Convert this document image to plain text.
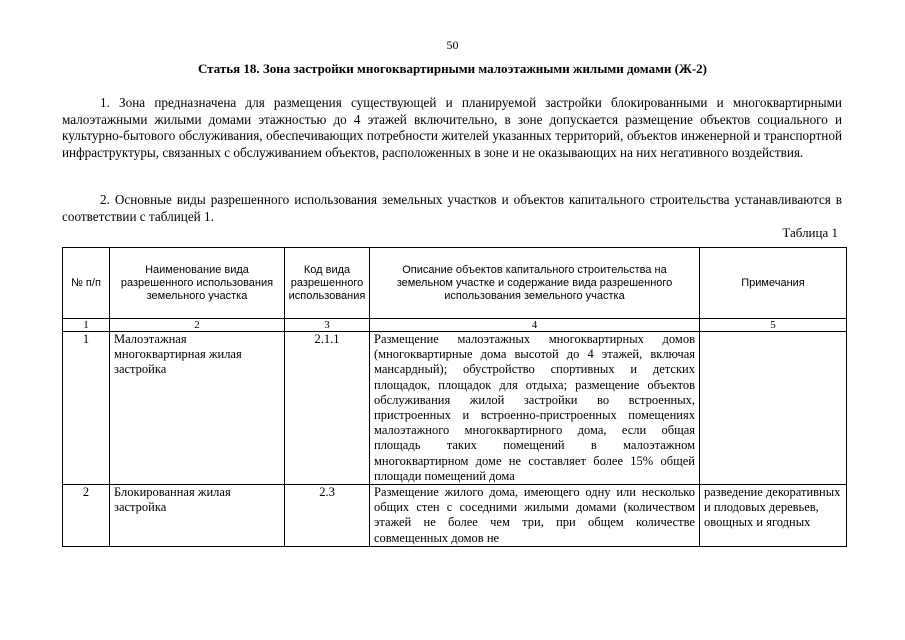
50
Статья 18. Зона застройки многоквартирными малоэтажными жилыми домами (Ж-2)
1. Зона предназначена для размещения существующей и планируемой застройки блокированными и многоквартирными малоэтажными жилыми домами этажностью до 4 этажей включительно, в зоне допускается размещение объектов социального и культурно-бытового обслуживания, обеспечивающих потребности жителей указанных территорий, объектов инженерной и транспортной инфраструктуры, связанных с обслуживанием объектов, расположенных в зоне и не оказывающих на них негативного воздействия.
2. Основные виды разрешенного использования земельных участков и объектов капитального строительства устанавливаются в соответствии с таблицей 1.
Таблица 1
№ п/п	Наименование вида разрешенного использования земельного участка	Код вида разрешенного использования	Описание объектов капитального строительства на земельном участке и содержание вида разрешенного использования земельного участка	Примечания
1	2	3	4	5
1	Малоэтажная многоквартирная жилая застройка	2.1.1	Размещение малоэтажных многоквартирных домов (многоквартирные дома высотой до 4 этажей, включая мансардный); обустройство спортивных и детских площадок, площадок для отдыха; размещение объектов обслуживания жилой застройки во встроенных, пристроенных и встроенно-пристроенных помещениях малоэтажного многоквартирного дома, если общая площадь таких помещений в малоэтажном многоквартирном доме не составляет более 15% общей площади помещений дома	
2	Блокированная жилая застройка	2.3	Размещение жилого дома, имеющего одну или несколько общих стен с соседними жилыми домами (количеством этажей не более чем три, при общем количестве совмещенных домов не	разведение декоративных и плодовых деревьев, овощных и ягодных
